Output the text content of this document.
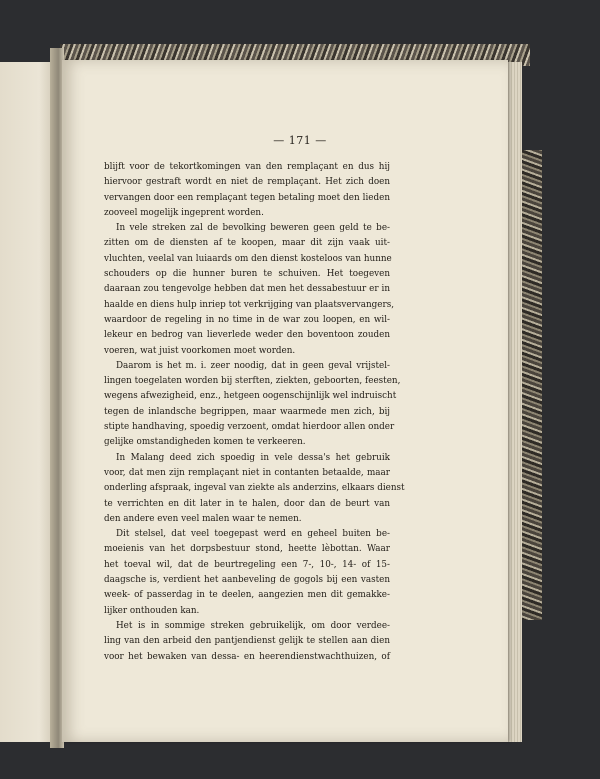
— 171 —
blijft voor de tekortkomingen van den remplaçant en dus hij
hiervoor gestraft wordt en niet de remplaçant. Het zich doen
vervangen door een remplaçant tegen betaling moet den lieden
zooveel mogelijk ingeprent worden.
In vele streken zal de bevolking beweren geen geld te be-
zitten om de diensten af te koopen, maar dit zijn vaak uit-
vluchten, veelal van luiaards om den dienst kosteloos van hunne
schouders op die hunner buren te schuiven. Het toegeven
daaraan zou tengevolge hebben dat men het dessabestuur er in
haalde en diens hulp inriep tot verkrijging van plaatsvervangers,
waardoor de regeling in no time in de war zou loopen, en wil-
lekeur en bedrog van lieverlede weder den boventoon zouden
voeren, wat juist voorkomen moet worden.
Daarom is het m. i. zeer noodig, dat in geen geval vrijstel-
lingen toegelaten worden bij sterften, ziekten, geboorten, feesten,
wegens afwezigheid, enz., hetgeen oogenschijnlijk wel indruischt
tegen de inlandsche begrippen, maar waarmede men zich, bij
stipte handhaving, spoedig verzoent, omdat hierdoor allen onder
gelijke omstandigheden komen te verkeeren.
In Malang deed zich spoedig in vele dessa's het gebruik
voor, dat men zijn remplaçant niet in contanten betaalde, maar
onderling afspraak, ingeval van ziekte als anderzins, elkaars dienst
te verrichten en dit later in te halen, door dan de beurt van
den andere even veel malen waar te nemen.
Dit stelsel, dat veel toegepast werd en geheel buiten be-
moeienis van het dorpsbestuur stond, heette lèbottan. Waar
het toeval wil, dat de beurtregeling een 7-, 10-, 14- of 15-
daagsche is, verdient het aanbeveling de gogols bij een vasten
week- of passerdag in te deelen, aangezien men dit gemakke-
lijker onthouden kan.
Het is in sommige streken gebruikelijk, om door verdee-
ling van den arbeid den pantjendienst gelijk te stellen aan dien
voor het bewaken van dessa- en heerendienstwachthuizen, of
